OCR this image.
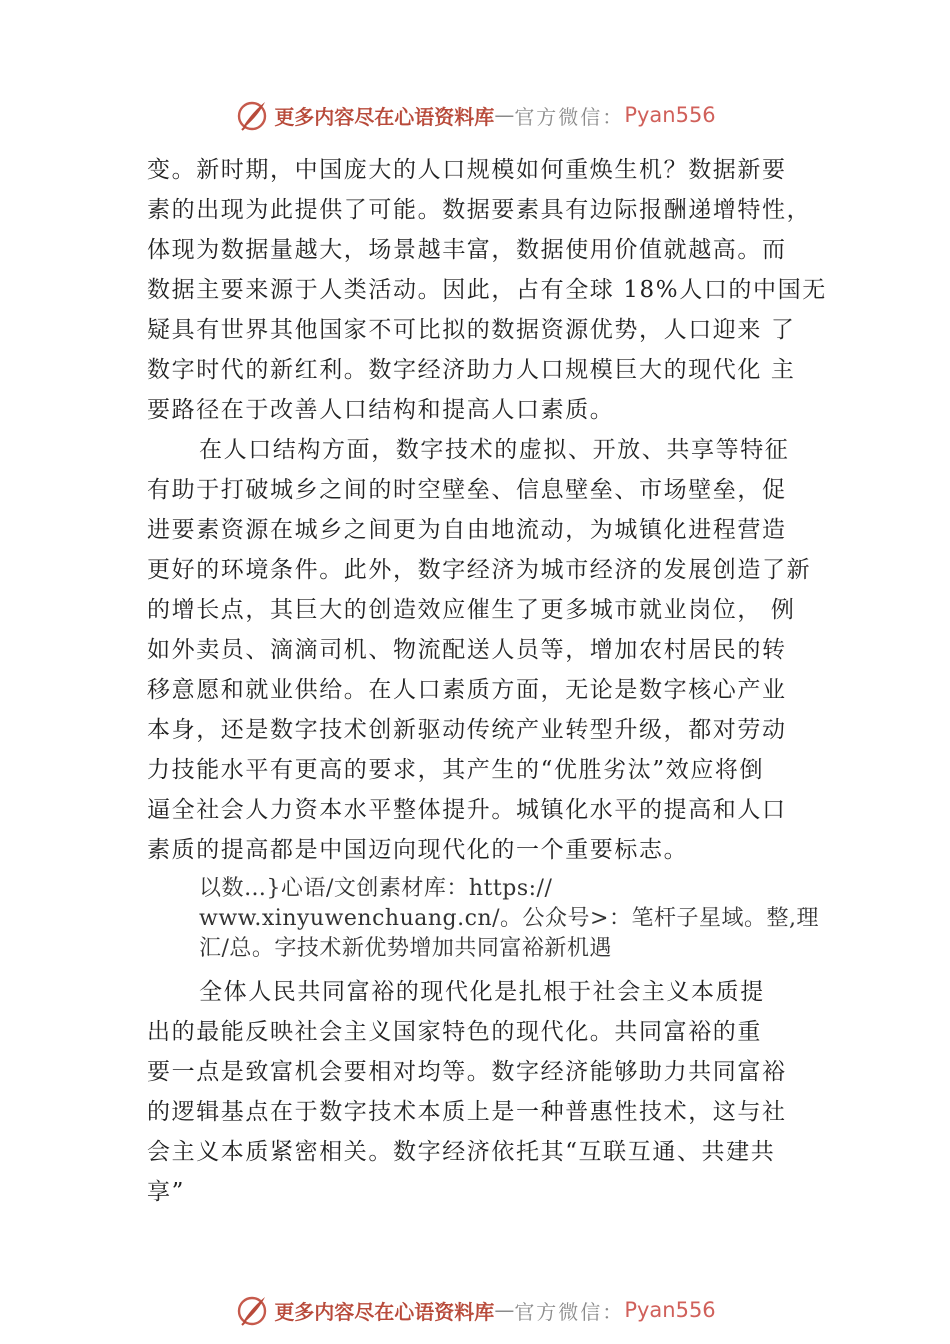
更多内容尽在心语资料库 — 官方微信： Pyan556
变。新时期，中国庞大的人口规模如何重焕生机？数据新要
素的出现为此提供了可能。数据要素具有边际报酬递增特性，
体现为数据量越大，场景越丰富，数据使用价值就越高。而
数据主要来源于人类活动。因此，占有全球 18%人口的中国无
疑具有世界其他国家不可比拟的数据资源优势，人口迎来 了
数字时代的新红利。数字经济助力人口规模巨大的现代化 主
要路径在于改善人口结构和提高人口素质。
在人口结构方面，数字技术的虚拟、开放、共享等特征
有助于打破城乡之间的时空壁垒、信息壁垒、市场壁垒，促
进要素资源在城乡之间更为自由地流动，为城镇化进程营造
更好的环境条件。此外，数字经济为城市经济的发展创造了新
的增长点，其巨大的创造效应催生了更多城市就业岗位， 例
如外卖员、滴滴司机、物流配送人员等，增加农村居民的转
移意愿和就业供给。在人口素质方面，无论是数字核心产业
本身，还是数字技术创新驱动传统产业转型升级，都对劳动
力技能水平有更高的要求，其产生的“优胜劣汰”效应将倒
逼全社会人力资本水平整体提升。城镇化水平的提高和人口
素质的提高都是中国迈向现代化的一个重要标志。
以数…}心语/文创素材库：https://
www.xinyuwenchuang.cn/。公众号>：笔杆子星域。整,理
汇/总。字技术新优势增加共同富裕新机遇
全体人民共同富裕的现代化是扎根于社会主义本质提
出的最能反映社会主义国家特色的现代化。共同富裕的重
要一点是致富机会要相对均等。数字经济能够助力共同富裕
的逻辑基点在于数字技术本质上是一种普惠性技术，这与社
会主义本质紧密相关。数字经济依托其“互联互通、共建共
享”
更多内容尽在心语资料库 — 官方微信： Pyan556
